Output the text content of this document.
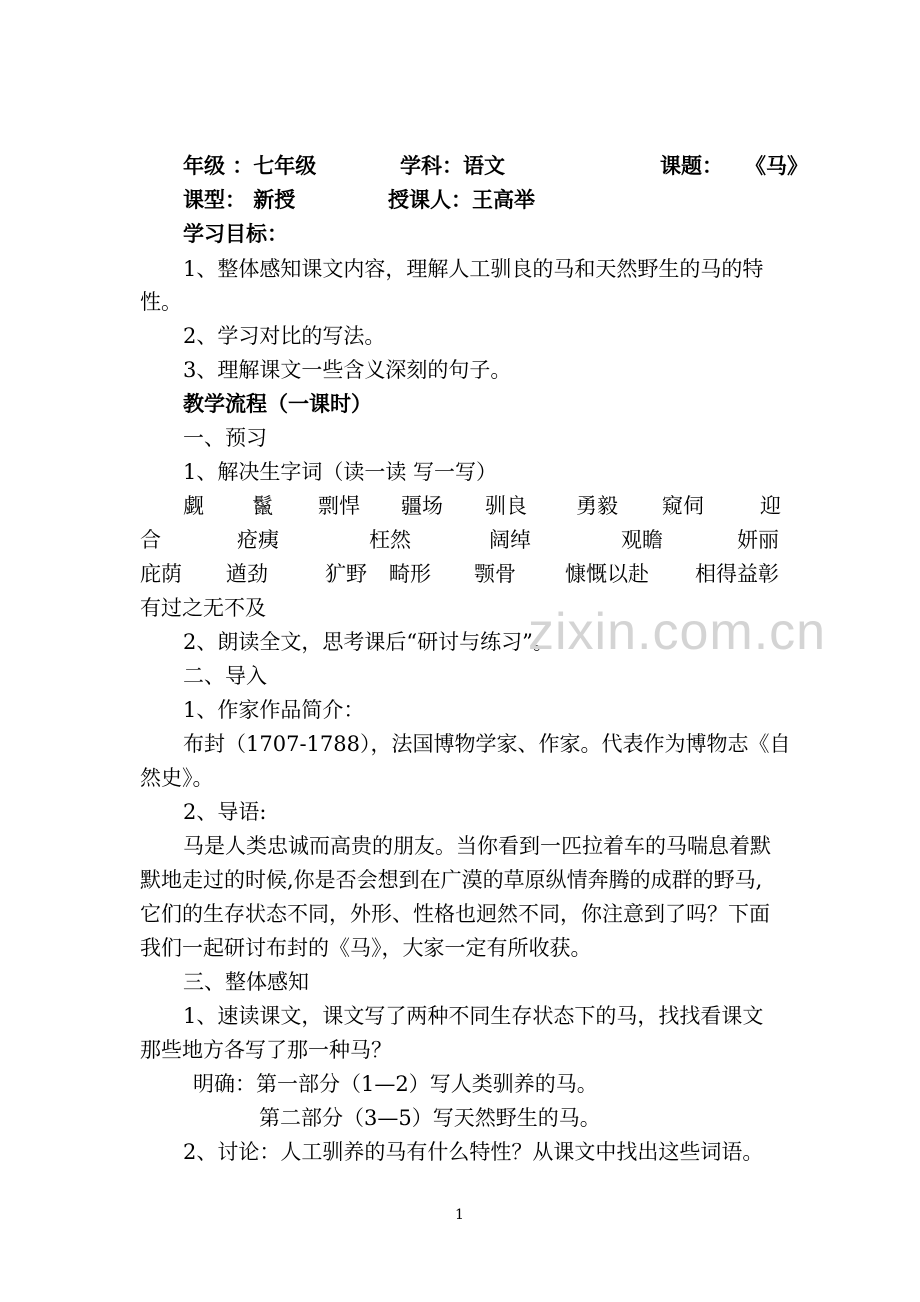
年级 ：七年级	学科：语文	课题： 《马》
课型： 新授	授课人：王高举
学习目标：
1、整体感知课文内容，理解人工驯良的马和天然野生的马的特
性。
2、学习对比的写法。
3、理解课文一些含义深刻的句子。
教学流程（一课时）
一、预习
1、解决生字词（读一读 写一写）
觑 鬣 剽悍 疆场 驯良 勇毅 窥伺	迎
合	疮痍	枉然	阔绰	观瞻	妍丽
庇荫 遒劲	犷野 畸形 颚骨 慷慨以赴 相得益彰
有过之无不及
2、朗读全文，思考课后“研讨与练习”。
二、导入
1、作家作品简介：
布封（1707-1788），法国博物学家、作家。代表作为博物志《自
然史》。
2、导语:
马是人类忠诚而高贵的朋友。当你看到一匹拉着车的马喘息着默
默地走过的时候,你是否会想到在广漠的草原纵情奔腾的成群的野马,
它们的生存状态不同，外形、性格也迥然不同，你注意到了吗？下面
我们一起研讨布封的《马》，大家一定有所收获。
三、整体感知
1、速读课文，课文写了两种不同生存状态下的马，找找看课文
那些地方各写了那一种马？
明确：第一部分（1—2）写人类驯养的马。
第二部分（3—5）写天然野生的马。
2、讨论：人工驯养的马有什么特性？从课文中找出这些词语。
zixin.com.cn
1
